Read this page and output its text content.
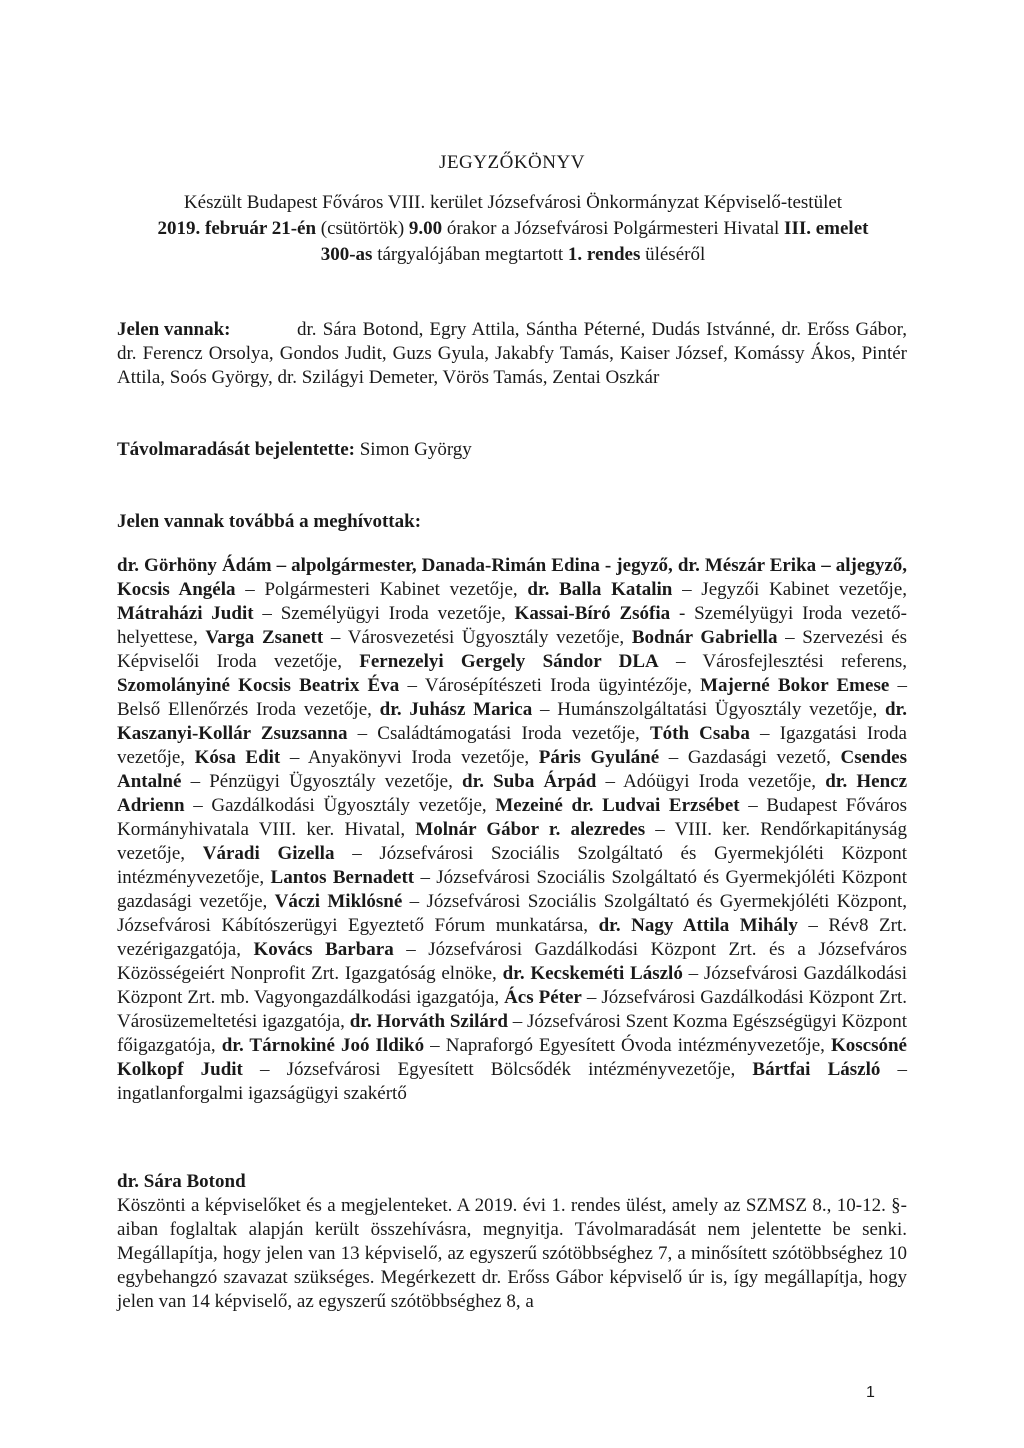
JEGYZŐKÖNYV
Készült Budapest Főváros VIII. kerület Józsefvárosi Önkormányzat Képviselő-testület
2019. február 21-én (csütörtök) 9.00 órakor a Józsefvárosi Polgármesteri Hivatal III. emelet
300-as tárgyalójában megtartott 1. rendes üléséről
Jelen vannak:	dr. Sára Botond, Egry Attila, Sántha Péterné, Dudás Istvánné, dr. Erőss Gábor, dr. Ferencz Orsolya, Gondos Judit, Guzs Gyula, Jakabfy Tamás, Kaiser József, Komássy Ákos, Pintér Attila, Soós György, dr. Szilágyi Demeter, Vörös Tamás, Zentai Oszkár
Távolmaradását bejelentette: Simon György
Jelen vannak továbbá a meghívottak:
dr. Görhöny Ádám – alpolgármester, Danada-Rimán Edina - jegyző, dr. Mészár Erika – aljegyző, Kocsis Angéla – Polgármesteri Kabinet vezetője, dr. Balla Katalin – Jegyzői Kabinet vezetője, Mátraházi Judit – Személyügyi Iroda vezetője, Kassai-Bíró Zsófia - Személyügyi Iroda vezető-helyettese, Varga Zsanett – Városvezetési Ügyosztály vezetője, Bodnár Gabriella – Szervezési és Képviselői Iroda vezetője, Fernezelyi Gergely Sándor DLA – Városfejlesztési referens, Szomolányiné Kocsis Beatrix Éva – Városépítészeti Iroda ügyintézője, Majerné Bokor Emese – Belső Ellenőrzés Iroda vezetője, dr. Juhász Marica – Humánszolgáltatási Ügyosztály vezetője, dr. Kaszanyi-Kollár Zsuzsanna – Családtámogatási Iroda vezetője, Tóth Csaba – Igazgatási Iroda vezetője, Kósa Edit – Anyakönyvi Iroda vezetője, Páris Gyuláné – Gazdasági vezető, Csendes Antalné – Pénzügyi Ügyosztály vezetője, dr. Suba Árpád – Adóügyi Iroda vezetője, dr. Hencz Adrienn – Gazdálkodási Ügyosztály vezetője, Mezeiné dr. Ludvai Erzsébet – Budapest Főváros Kormányhivatala VIII. ker. Hivatal, Molnár Gábor r. alezredes – VIII. ker. Rendőrkapitányság vezetője, Váradi Gizella – Józsefvárosi Szociális Szolgáltató és Gyermekjóléti Központ intézményvezetője, Lantos Bernadett – Józsefvárosi Szociális Szolgáltató és Gyermekjóléti Központ gazdasági vezetője, Váczi Miklósné – Józsefvárosi Szociális Szolgáltató és Gyermekjóléti Központ, Józsefvárosi Kábítószerügyi Egyeztető Fórum munkatársa, dr. Nagy Attila Mihály – Rév8 Zrt. vezérigazgatója, Kovács Barbara – Józsefvárosi Gazdálkodási Központ Zrt. és a Józsefváros Közösségeiért Nonprofit Zrt. Igazgatóság elnöke, dr. Kecskeméti László – Józsefvárosi Gazdálkodási Központ Zrt. mb. Vagyongazdálkodási igazgatója, Ács Péter – Józsefvárosi Gazdálkodási Központ Zrt. Városüzemeltetési igazgatója, dr. Horváth Szilárd – Józsefvárosi Szent Kozma Egészségügyi Központ főigazgatója, dr. Tárnokiné Joó Ildikó – Napraforgó Egyesített Óvoda intézményvezetője, Koscsóné Kolkopf Judit – Józsefvárosi Egyesített Bölcsődék intézményvezetője, Bártfai László – ingatlanforgalmi igazságügyi szakértő
dr. Sára Botond
Köszönti a képviselőket és a megjelenteket. A 2019. évi 1. rendes ülést, amely az SZMSZ 8., 10-12. §-aiban foglaltak alapján került összehívásra, megnyitja. Távolmaradását nem jelentette be senki. Megállapítja, hogy jelen van 13 képviselő, az egyszerű szótöbbséghez 7, a minősített szótöbbséghez 10 egybehangzó szavazat szükséges. Megérkezett dr. Erőss Gábor képviselő úr is, így megállapítja, hogy jelen van 14 képviselő, az egyszerű szótöbbséghez 8, a
1
